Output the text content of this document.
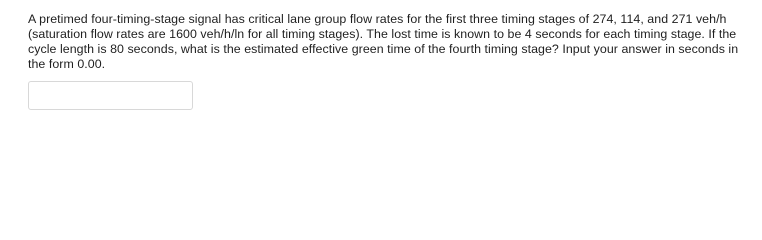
A pretimed four-timing-stage signal has critical lane group flow rates for the first three timing stages of 274, 114, and 271 veh/h (saturation flow rates are 1600 veh/h/ln for all timing stages). The lost time is known to be 4 seconds for each timing stage. If the cycle length is 80 seconds, what is the estimated effective green time of the fourth timing stage? Input your answer in seconds in the form 0.00.
